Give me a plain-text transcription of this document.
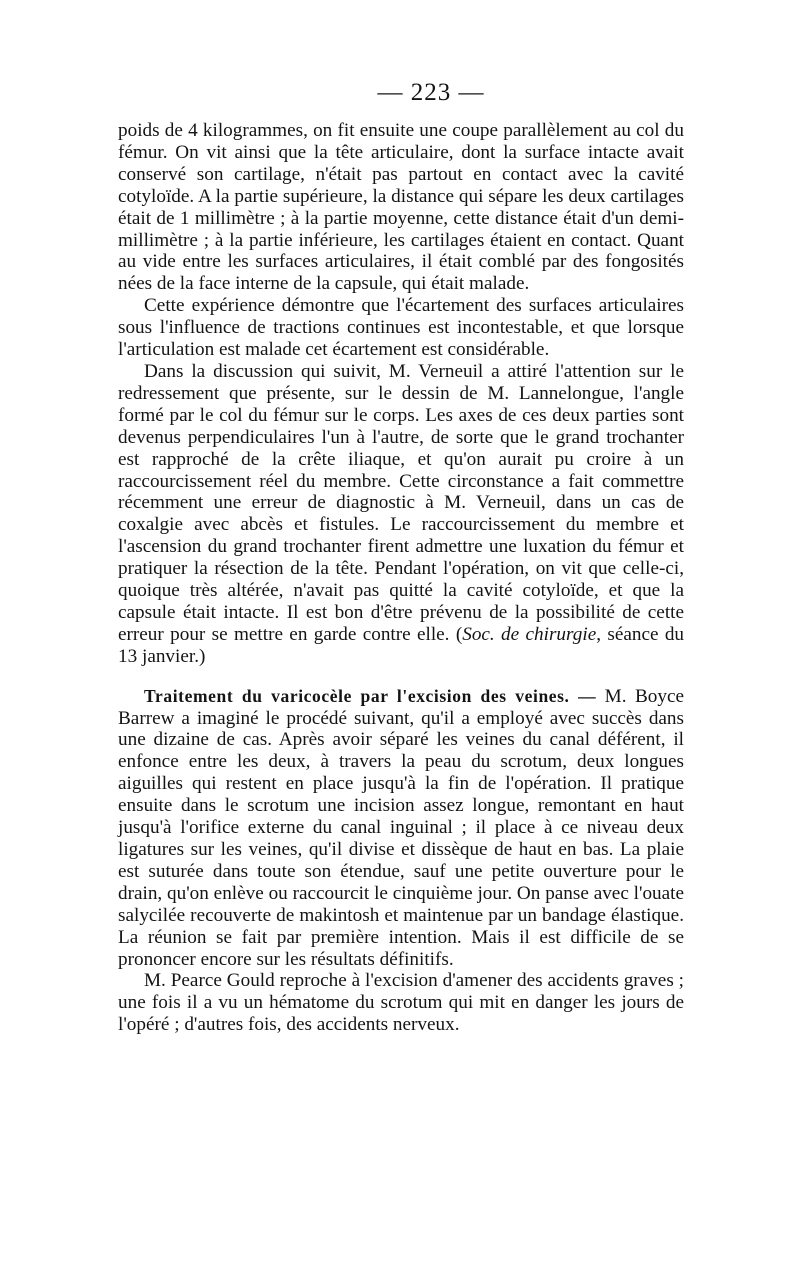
— 223 —

poids de 4 kilogrammes, on fit ensuite une coupe parallèlement au col du fémur. On vit ainsi que la tête articulaire, dont la surface intacte avait conservé son cartilage, n'était pas partout en contact avec la cavité cotyloïde. A la partie supérieure, la distance qui sépare les deux cartilages était de 1 millimètre ; à la partie moyenne, cette distance était d'un demi-millimètre ; à la partie inférieure, les cartilages étaient en contact. Quant au vide entre les surfaces articulaires, il était comblé par des fongosités nées de la face interne de la capsule, qui était malade.

Cette expérience démontre que l'écartement des surfaces articulaires sous l'influence de tractions continues est incontestable, et que lorsque l'articulation est malade cet écartement est considérable.

Dans la discussion qui suivit, M. Verneuil a attiré l'attention sur le redressement que présente, sur le dessin de M. Lannelongue, l'angle formé par le col du fémur sur le corps. Les axes de ces deux parties sont devenus perpendiculaires l'un à l'autre, de sorte que le grand trochanter est rapproché de la crête iliaque, et qu'on aurait pu croire à un raccourcissement réel du membre. Cette circonstance a fait commettre récemment une erreur de diagnostic à M. Verneuil, dans un cas de coxalgie avec abcès et fistules. Le raccourcissement du membre et l'ascension du grand trochanter firent admettre une luxation du fémur et pratiquer la résection de la tête. Pendant l'opération, on vit que celle-ci, quoique très altérée, n'avait pas quitté la cavité cotyloïde, et que la capsule était intacte. Il est bon d'être prévenu de la possibilité de cette erreur pour se mettre en garde contre elle. (Soc. de chirurgie, séance du 13 janvier.)

Traitement du varicocèle par l'excision des veines. — M. Boyce Barrew a imaginé le procédé suivant, qu'il a employé avec succès dans une dizaine de cas. Après avoir séparé les veines du canal déférent, il enfonce entre les deux, à travers la peau du scrotum, deux longues aiguilles qui restent en place jusqu'à la fin de l'opération. Il pratique ensuite dans le scrotum une incision assez longue, remontant en haut jusqu'à l'orifice externe du canal inguinal ; il place à ce niveau deux ligatures sur les veines, qu'il divise et dissèque de haut en bas. La plaie est suturée dans toute son étendue, sauf une petite ouverture pour le drain, qu'on enlève ou raccourcit le cinquième jour. On panse avec l'ouate salycilée recouverte de makintosh et maintenue par un bandage élastique. La réunion se fait par première intention. Mais il est difficile de se prononcer encore sur les résultats définitifs.

M. Pearce Gould reproche à l'excision d'amener des accidents graves ; une fois il a vu un hématome du scrotum qui mit en danger les jours de l'opéré ; d'autres fois, des accidents nerveux.
